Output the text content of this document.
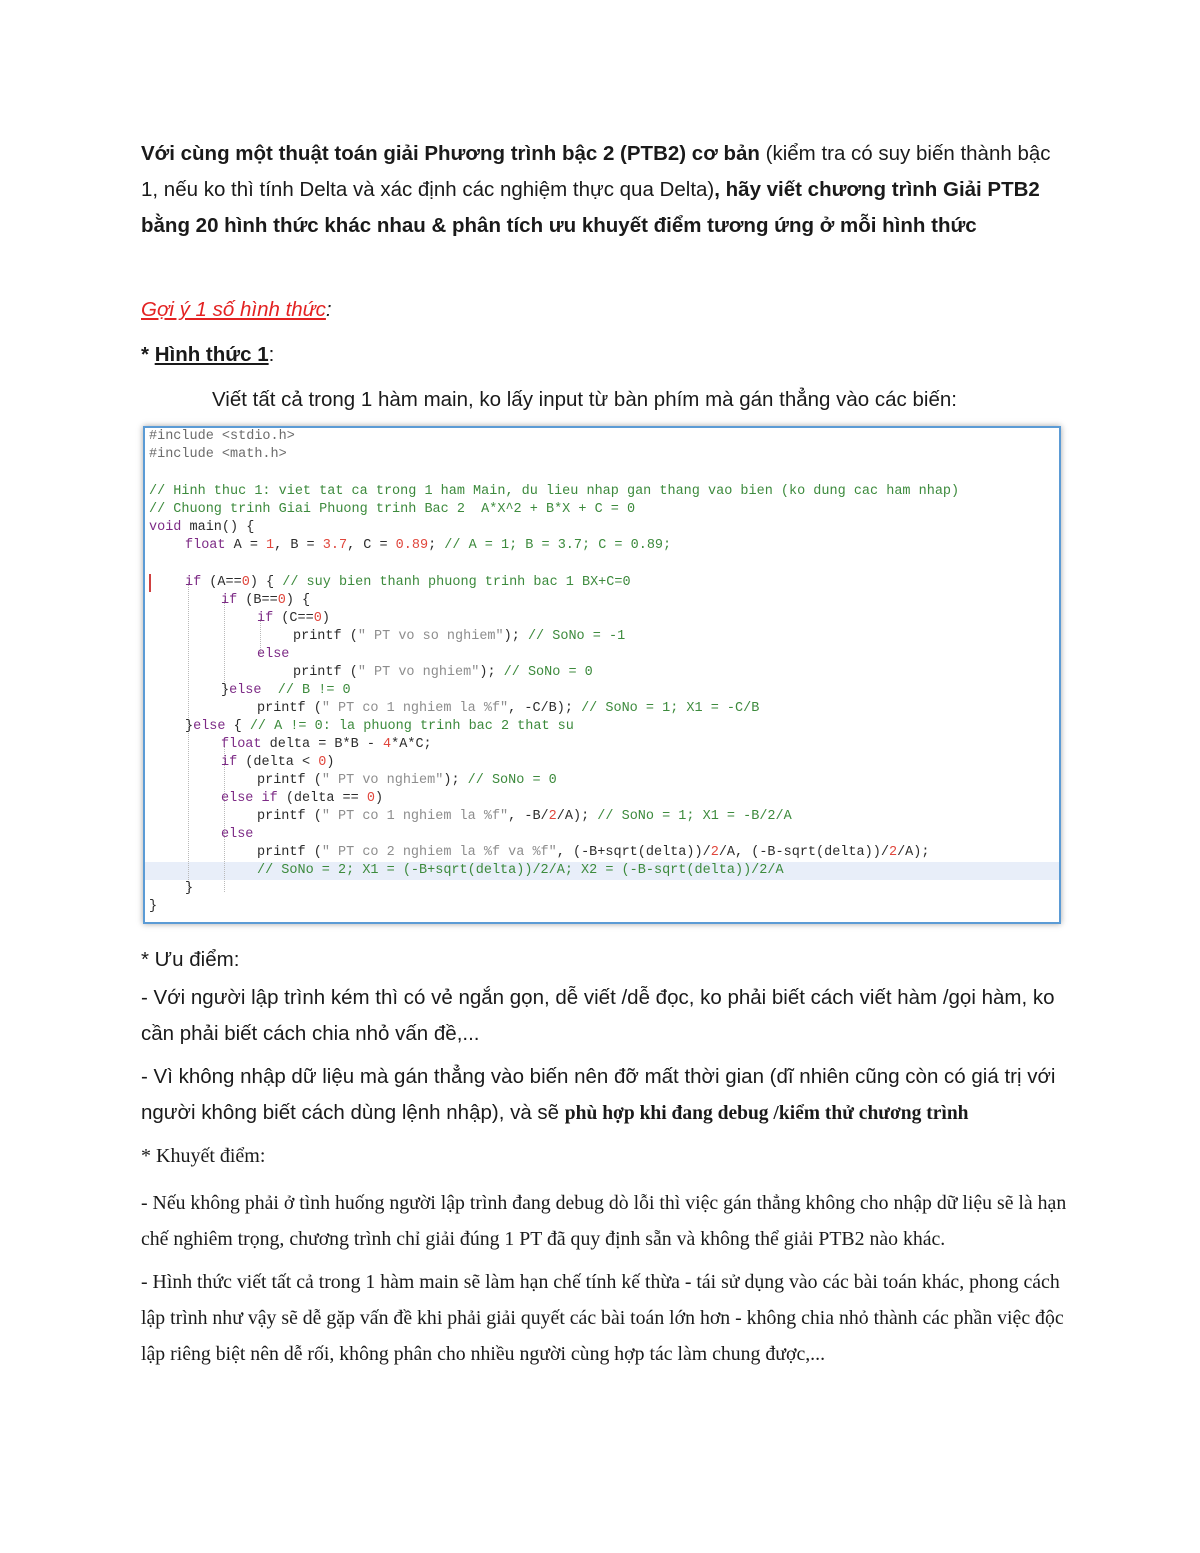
Với cùng một thuật toán giải Phương trình bậc 2 (PTB2) cơ bản (kiểm tra có suy biến thành bậc 1, nếu ko thì tính Delta và xác định các nghiệm thực qua Delta), hãy viết chương trình Giải PTB2 bằng 20 hình thức khác nhau & phân tích ưu khuyết điểm tương ứng ở mỗi hình thức
Gợi ý 1 số hình thức:
* Hình thức 1:
Viết tất cả trong 1 hàm main, ko lấy input từ bàn phím mà gán thẳng vào các biến:
#include <stdio.h>
#include <math.h>
// Hinh thuc 1: viet tat ca trong 1 ham Main, du lieu nhap gan thang vao bien (ko dung cac ham nhap)
// Chuong trinh Giai Phuong trinh Bac 2  A*X^2 + B*X + C = 0
void main() {
float A = 1, B = 3.7, C = 0.89; // A = 1; B = 3.7; C = 0.89;
if (A==0) { // suy bien thanh phuong trinh bac 1 BX+C=0
if (B==0) {
if (C==0)
printf (" PT vo so nghiem"); // SoNo = -1
else
printf (" PT vo nghiem"); // SoNo = 0
}else // B != 0
printf (" PT co 1 nghiem la %f", -C/B); // SoNo = 1; X1 = -C/B
}else { // A != 0: la phuong trinh bac 2 that su
float delta = B*B - 4*A*C;
if (delta < 0)
printf (" PT vo nghiem"); // SoNo = 0
else if (delta == 0)
printf (" PT co 1 nghiem la %f", -B/2/A); // SoNo = 1; X1 = -B/2/A
else
printf (" PT co 2 nghiem la %f va %f", (-B+sqrt(delta))/2/A, (-B-sqrt(delta))/2/A);
// SoNo = 2; X1 = (-B+sqrt(delta))/2/A; X2 = (-B-sqrt(delta))/2/A
}
}
* Ưu điểm:
- Với người lập trình kém thì có vẻ ngắn gọn, dễ viết /dễ đọc, ko phải biết cách viết hàm /gọi hàm, ko cần phải biết cách chia nhỏ vấn đề,...
- Vì không nhập dữ liệu mà gán thẳng vào biến nên đỡ mất thời gian (dĩ nhiên cũng còn có giá trị với người không biết cách dùng lệnh nhập), và sẽ phù hợp khi đang debug /kiểm thử chương trình
* Khuyết điểm:
- Nếu không phải ở tình huống người lập trình đang debug dò lỗi thì việc gán thẳng không cho nhập dữ liệu sẽ là hạn chế nghiêm trọng, chương trình chỉ giải đúng 1 PT đã quy định sẵn và không thể giải PTB2 nào khác.
- Hình thức viết tất cả trong 1 hàm main sẽ làm hạn chế tính kế thừa - tái sử dụng vào các bài toán khác, phong cách lập trình như vậy sẽ dễ gặp vấn đề khi phải giải quyết các bài toán lớn hơn - không chia nhỏ thành các phần việc độc lập riêng biệt nên dễ rối, không phân cho nhiều người cùng hợp tác làm chung được,...
